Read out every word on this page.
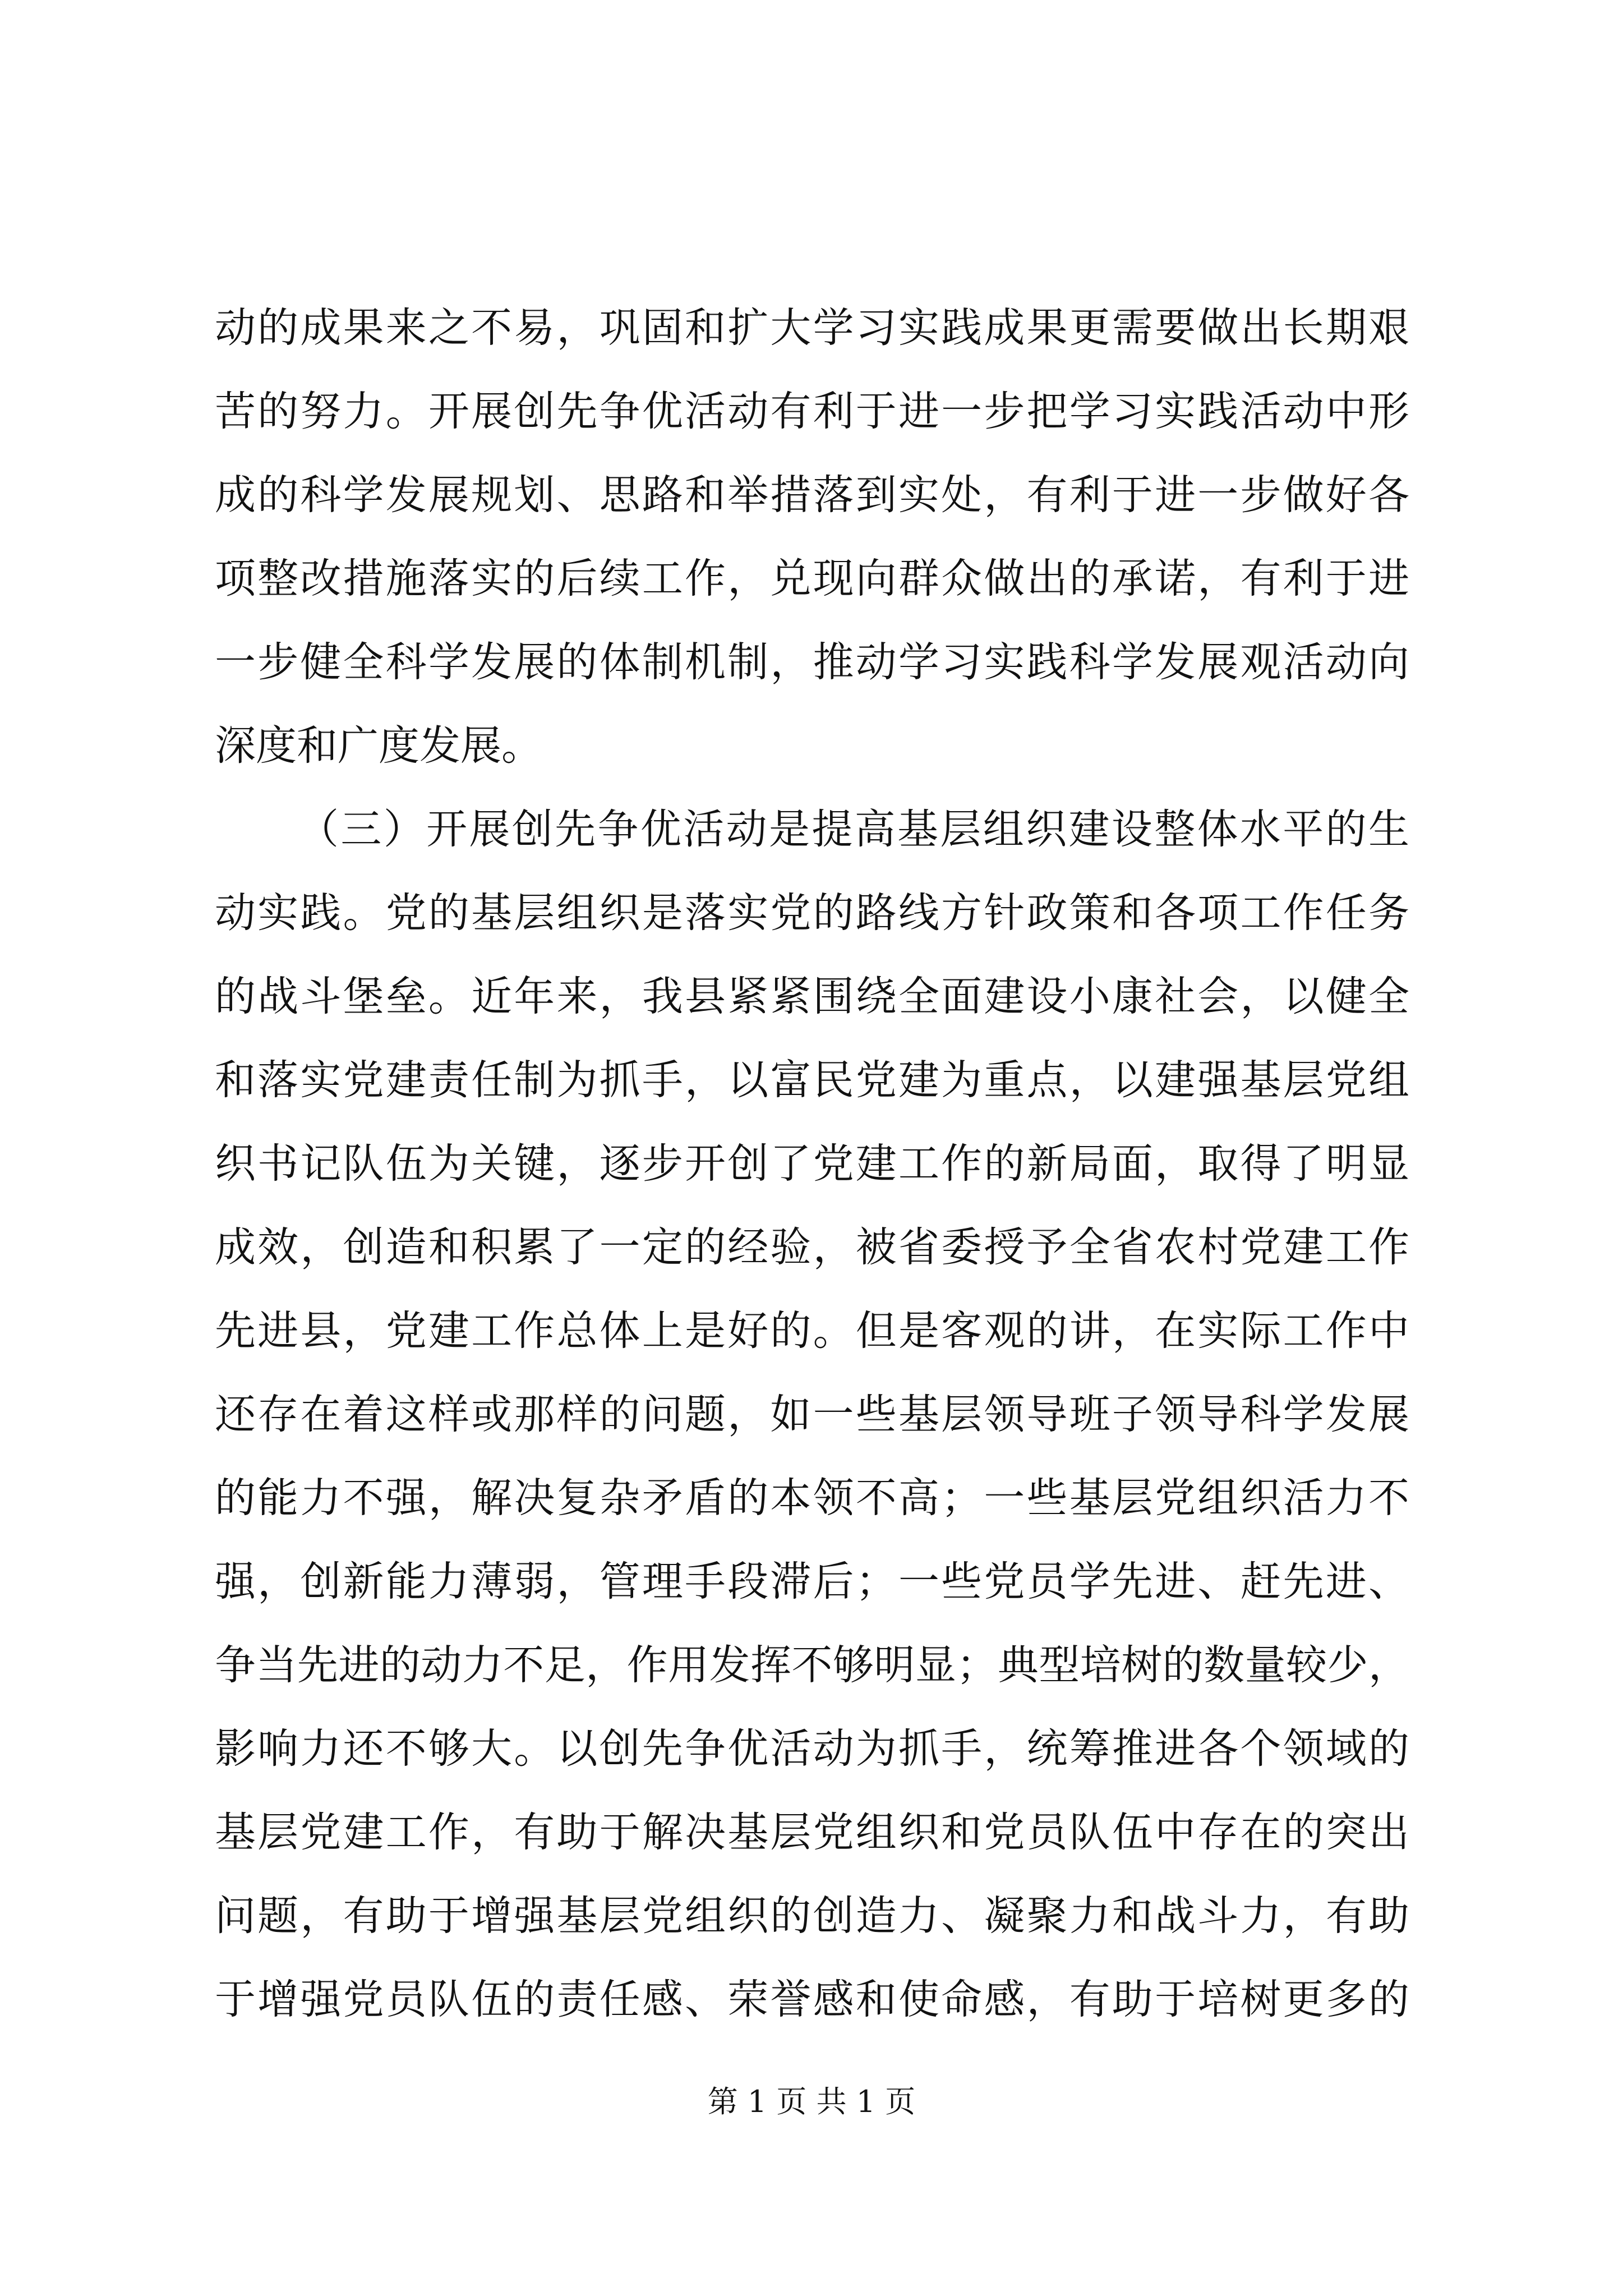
动的成果来之不易，巩固和扩大学习实践成果更需要做出长期艰
苦的努力。开展创先争优活动有利于进一步把学习实践活动中形
成的科学发展规划、思路和举措落到实处，有利于进一步做好各
项整改措施落实的后续工作，兑现向群众做出的承诺，有利于进
一步健全科学发展的体制机制，推动学习实践科学发展观活动向
深度和广度发展。
（三）开展创先争优活动是提高基层组织建设整体水平的生
动实践。党的基层组织是落实党的路线方针政策和各项工作任务
的战斗堡垒。近年来，我县紧紧围绕全面建设小康社会，以健全
和落实党建责任制为抓手，以富民党建为重点，以建强基层党组
织书记队伍为关键，逐步开创了党建工作的新局面，取得了明显
成效，创造和积累了一定的经验，被省委授予全省农村党建工作
先进县，党建工作总体上是好的。但是客观的讲，在实际工作中
还存在着这样或那样的问题，如一些基层领导班子领导科学发展
的能力不强，解决复杂矛盾的本领不高；一些基层党组织活力不
强，创新能力薄弱，管理手段滞后；一些党员学先进、赶先进、
争当先进的动力不足，作用发挥不够明显；典型培树的数量较少，
影响力还不够大。以创先争优活动为抓手，统筹推进各个领域的
基层党建工作，有助于解决基层党组织和党员队伍中存在的突出
问题，有助于增强基层党组织的创造力、凝聚力和战斗力，有助
于增强党员队伍的责任感、荣誉感和使命感，有助于培树更多的
第 1 页 共 1 页
